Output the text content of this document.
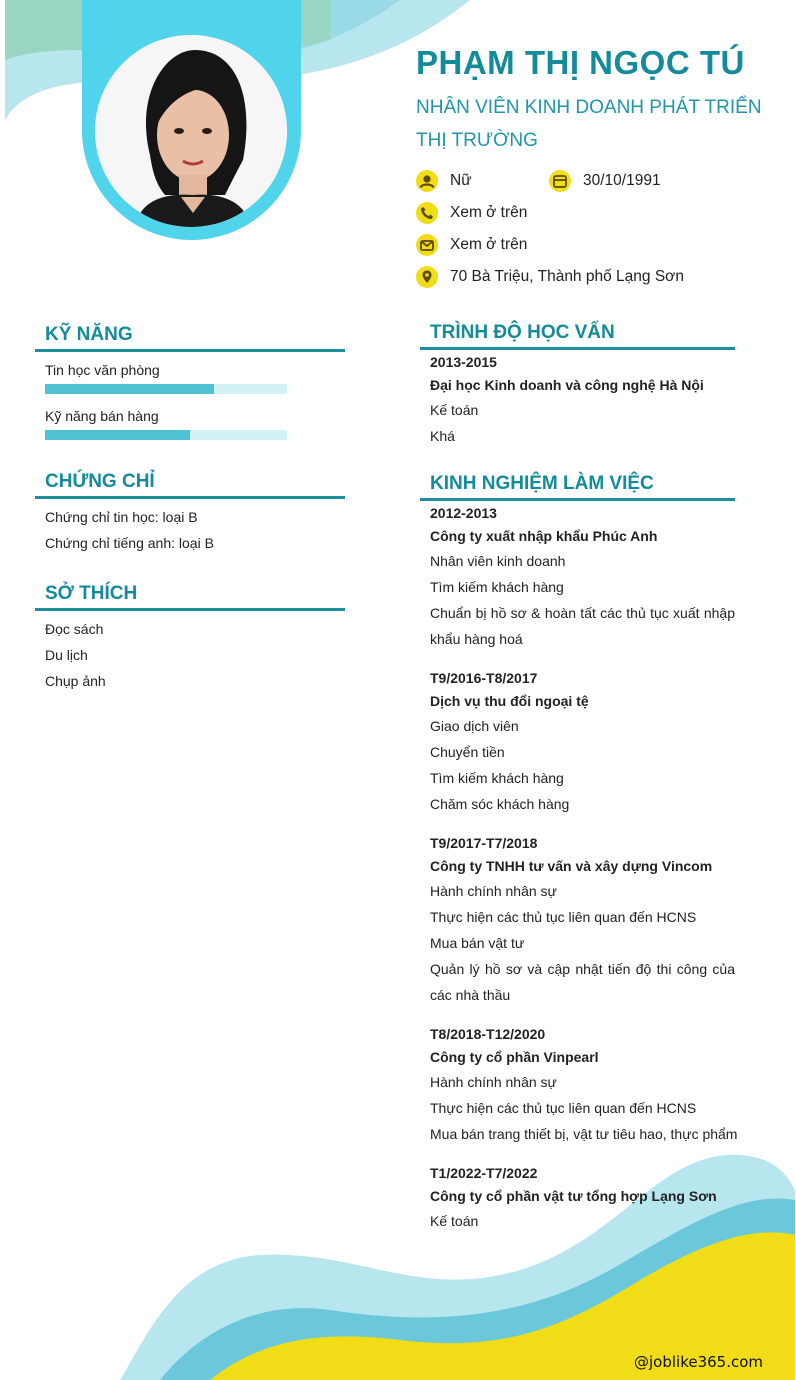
PHẠM THỊ NGỌC TÚ
NHÂN VIÊN KINH DOANH PHÁT TRIỂN THỊ TRƯỜNG
Nữ	30/10/1991
Xem ở trên
Xem ở trên
70 Bà Triệu, Thành phố Lạng Sơn
KỸ NĂNG
Tin học văn phòng
Kỹ năng bán hàng
CHỨNG CHỈ
Chứng chỉ tin học: loại B
Chứng chỉ tiếng anh: loại B
SỞ THÍCH
Đọc sách
Du lịch
Chụp ảnh
TRÌNH ĐỘ HỌC VẤN
2013-2015
Đại học Kinh doanh và công nghệ Hà Nội
Kế toán
Khá
KINH NGHIỆM LÀM VIỆC
2012-2013
Công ty xuất nhập khẩu Phúc Anh
Nhân viên kinh doanh
Tìm kiếm khách hàng
Chuẩn bị hồ sơ & hoàn tất các thủ tục xuất nhập khẩu hàng hoá
T9/2016-T8/2017
Dịch vụ thu đổi ngoại tệ
Giao dịch viên
Chuyển tiền
Tìm kiếm khách hàng
Chăm sóc khách hàng
T9/2017-T7/2018
Công ty TNHH tư vấn và xây dựng Vincom
Hành chính nhân sự
Thực hiện các thủ tục liên quan đến HCNS
Mua bán vật tư
Quản lý hồ sơ và cập nhật tiến độ thi công của các nhà thầu
T8/2018-T12/2020
Công ty cổ phần Vinpearl
Hành chính nhân sự
Thực hiện các thủ tục liên quan đến HCNS
Mua bán trang thiết bị, vật tư tiêu hao, thực phẩm
T1/2022-T7/2022
Công ty cổ phần vật tư tổng hợp Lạng Sơn
Kế toán
@joblike365.com
